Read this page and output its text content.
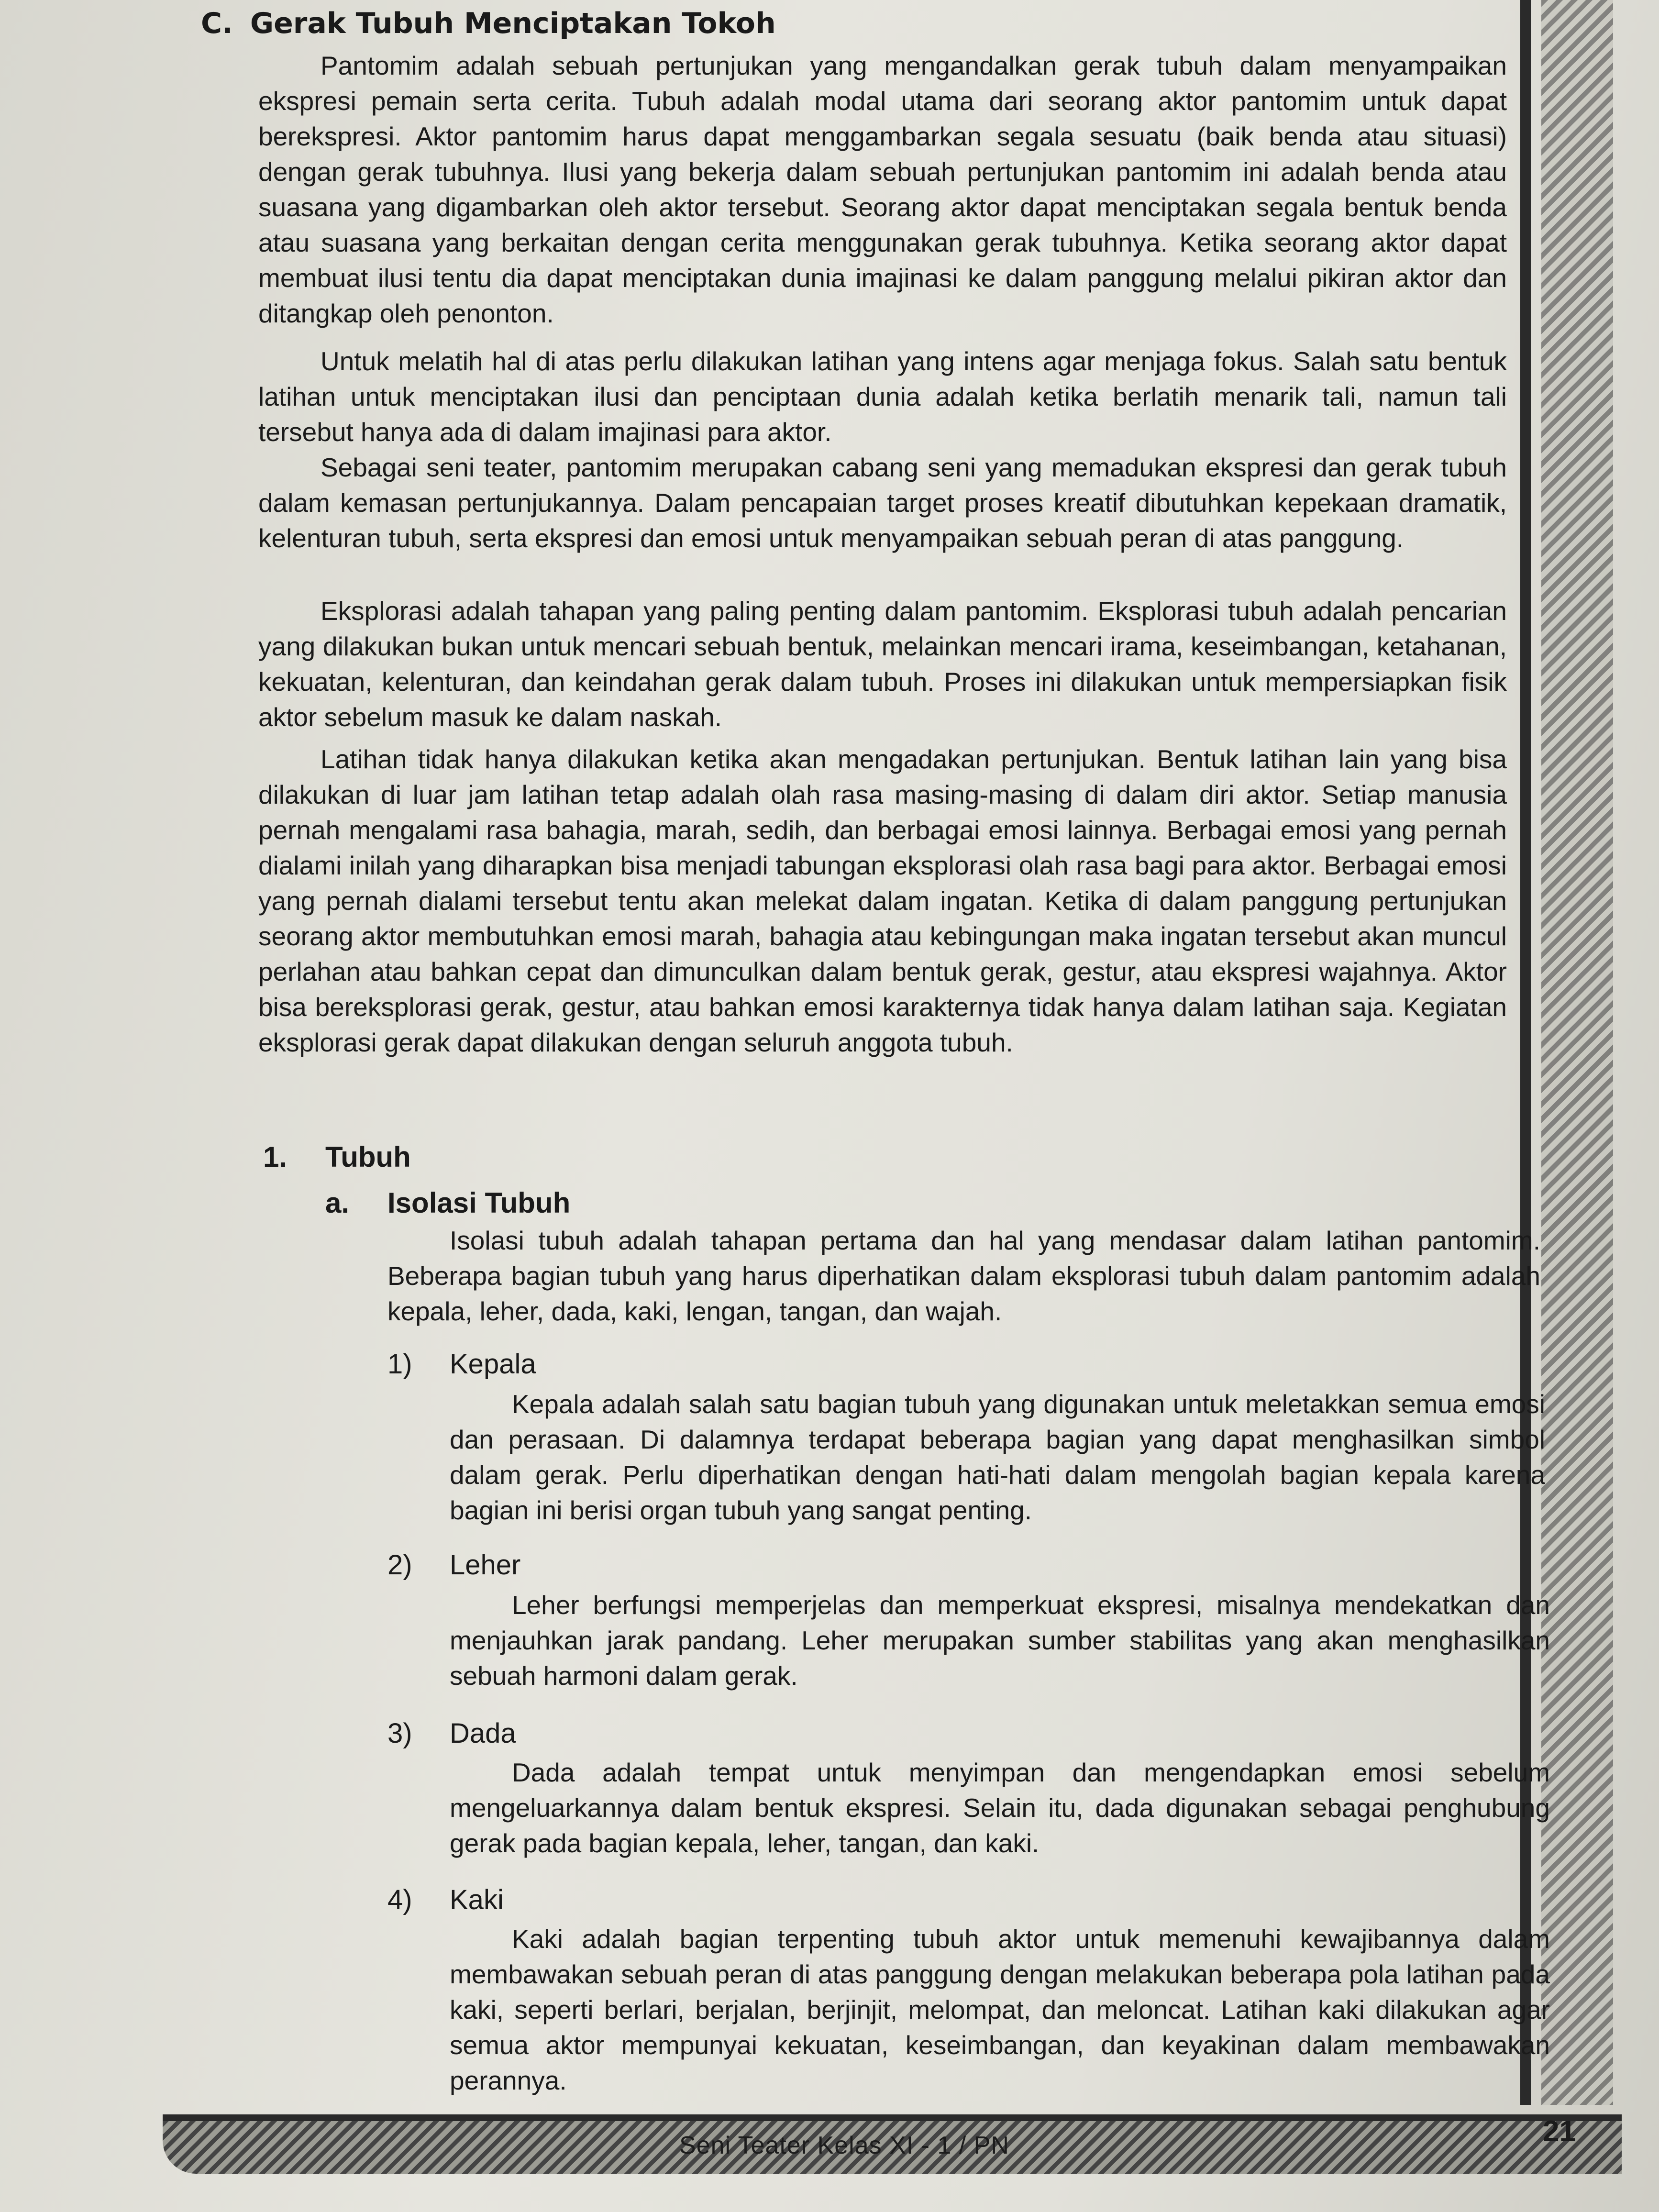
C. Gerak Tubuh Menciptakan Tokoh

Pantomim adalah sebuah pertunjukan yang mengandalkan gerak tubuh dalam menyampaikan ekspresi pemain serta cerita. Tubuh adalah modal utama dari seorang aktor pantomim untuk dapat berekspresi. Aktor pantomim harus dapat menggambarkan segala sesuatu (baik benda atau situasi) dengan gerak tubuhnya. Ilusi yang bekerja dalam sebuah pertunjukan pantomim ini adalah benda atau suasana yang digambarkan oleh aktor tersebut. Seorang aktor dapat menciptakan segala bentuk benda atau suasana yang berkaitan dengan cerita menggunakan gerak tubuhnya. Ketika seorang aktor dapat membuat ilusi tentu dia dapat menciptakan dunia imajinasi ke dalam panggung melalui pikiran aktor dan ditangkap oleh penonton.

Untuk melatih hal di atas perlu dilakukan latihan yang intens agar menjaga fokus. Salah satu bentuk latihan untuk menciptakan ilusi dan penciptaan dunia adalah ketika berlatih menarik tali, namun tali tersebut hanya ada di dalam imajinasi para aktor.

Sebagai seni teater, pantomim merupakan cabang seni yang memadukan ekspresi dan gerak tubuh dalam kemasan pertunjukannya. Dalam pencapaian target proses kreatif dibutuhkan kepekaan dramatik, kelenturan tubuh, serta ekspresi dan emosi untuk menyampaikan sebuah peran di atas panggung.

Eksplorasi adalah tahapan yang paling penting dalam pantomim. Eksplorasi tubuh adalah pencarian yang dilakukan bukan untuk mencari sebuah bentuk, melainkan mencari irama, keseimbangan, ketahanan, kekuatan, kelenturan, dan keindahan gerak dalam tubuh. Proses ini dilakukan untuk mempersiapkan fisik aktor sebelum masuk ke dalam naskah.

Latihan tidak hanya dilakukan ketika akan mengadakan pertunjukan. Bentuk latihan lain yang bisa dilakukan di luar jam latihan tetap adalah olah rasa masing-masing di dalam diri aktor. Setiap manusia pernah mengalami rasa bahagia, marah, sedih, dan berbagai emosi lainnya. Berbagai emosi yang pernah dialami inilah yang diharapkan bisa menjadi tabungan eksplorasi olah rasa bagi para aktor. Berbagai emosi yang pernah dialami tersebut tentu akan melekat dalam ingatan. Ketika di dalam panggung pertunjukan seorang aktor membutuhkan emosi marah, bahagia atau kebingungan maka ingatan tersebut akan muncul perlahan atau bahkan cepat dan dimunculkan dalam bentuk gerak, gestur, atau ekspresi wajahnya. Aktor bisa bereksplorasi gerak, gestur, atau bahkan emosi karakternya tidak hanya dalam latihan saja. Kegiatan eksplorasi gerak dapat dilakukan dengan seluruh anggota tubuh.

1. Tubuh
a. Isolasi Tubuh

Isolasi tubuh adalah tahapan pertama dan hal yang mendasar dalam latihan pantomim. Beberapa bagian tubuh yang harus diperhatikan dalam eksplorasi tubuh dalam pantomim adalah kepala, leher, dada, kaki, lengan, tangan, dan wajah.

1) Kepala

Kepala adalah salah satu bagian tubuh yang digunakan untuk meletakkan semua emosi dan perasaan. Di dalamnya terdapat beberapa bagian yang dapat menghasilkan simbol dalam gerak. Perlu diperhatikan dengan hati-hati dalam mengolah bagian kepala karena bagian ini berisi organ tubuh yang sangat penting.

2) Leher

Leher berfungsi memperjelas dan memperkuat ekspresi, misalnya mendekatkan dan menjauhkan jarak pandang. Leher merupakan sumber stabilitas yang akan menghasilkan sebuah harmoni dalam gerak.

3) Dada

Dada adalah tempat untuk menyimpan dan mengendapkan emosi sebelum mengeluarkannya dalam bentuk ekspresi. Selain itu, dada digunakan sebagai penghubung gerak pada bagian kepala, leher, tangan, dan kaki.

4) Kaki

Kaki adalah bagian terpenting tubuh aktor untuk memenuhi kewajibannya dalam membawakan sebuah peran di atas panggung dengan melakukan beberapa pola latihan pada kaki, seperti berlari, berjalan, berjinjit, melompat, dan meloncat. Latihan kaki dilakukan agar semua aktor mempunyai kekuatan, keseimbangan, dan keyakinan dalam membawakan perannya.

Seni Teater Kelas XI - 1 / PN	21
